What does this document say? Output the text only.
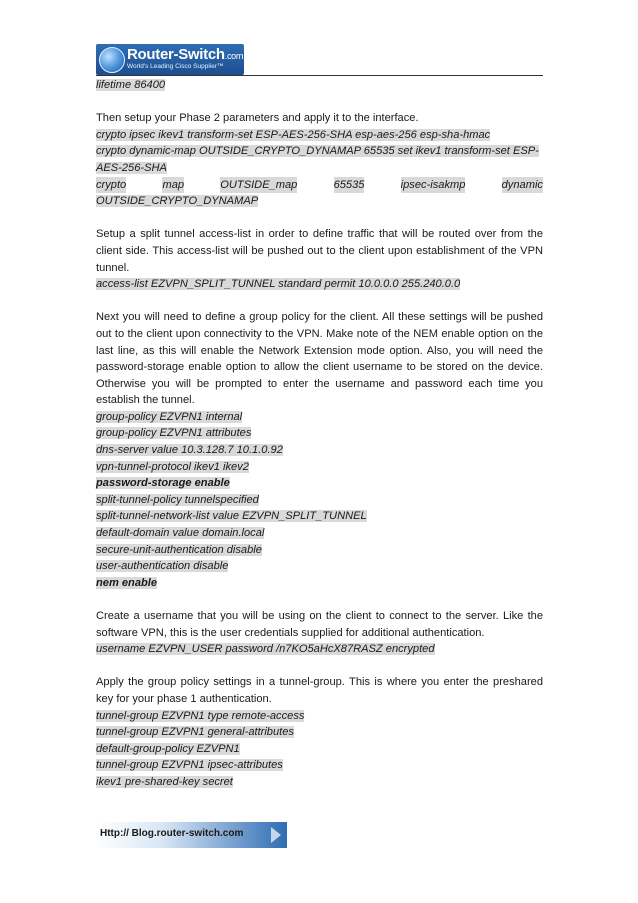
Router-Switch.com
World's Leading Cisco Supplier™

lifetime 86400

Then setup your Phase 2 parameters and apply it to the interface.

crypto ipsec ikev1 transform-set ESP-AES-256-SHA esp-aes-256 esp-sha-hmac

crypto dynamic-map OUTSIDE_CRYPTO_DYNAMAP 65535 set ikev1 transform-set ESP-AES-256-SHA

crypto	map	OUTSIDE_map	65535	ipsec-isakmp	dynamic

OUTSIDE_CRYPTO_DYNAMAP

Setup a split tunnel access-list in order to define traffic that will be routed over from the client side. This access-list will be pushed out to the client upon establishment of the VPN tunnel.

access-list EZVPN_SPLIT_TUNNEL standard permit 10.0.0.0 255.240.0.0

Next you will need to define a group policy for the client. All these settings will be pushed out to the client upon connectivity to the VPN. Make note of the NEM enable option on the last line, as this will enable the Network Extension mode option. Also, you will need the password-storage enable option to allow the client username to be stored on the device. Otherwise you will be prompted to enter the username and password each time you establish the tunnel.

group-policy EZVPN1 internal

group-policy EZVPN1 attributes

dns-server value 10.3.128.7 10.1.0.92

vpn-tunnel-protocol ikev1 ikev2

password-storage enable

split-tunnel-policy tunnelspecified

split-tunnel-network-list value EZVPN_SPLIT_TUNNEL

default-domain value domain.local

secure-unit-authentication disable

user-authentication disable

nem enable

Create a username that you will be using on the client to connect to the server. Like the software VPN, this is the user credentials supplied for additional authentication.

username EZVPN_USER password /n7KO5aHcX87RASZ encrypted

Apply the group policy settings in a tunnel-group. This is where you enter the preshared key for your phase 1 authentication.

tunnel-group EZVPN1 type remote-access

tunnel-group EZVPN1 general-attributes

default-group-policy EZVPN1

tunnel-group EZVPN1 ipsec-attributes

ikev1 pre-shared-key secret

Http:// Blog.router-switch.com
